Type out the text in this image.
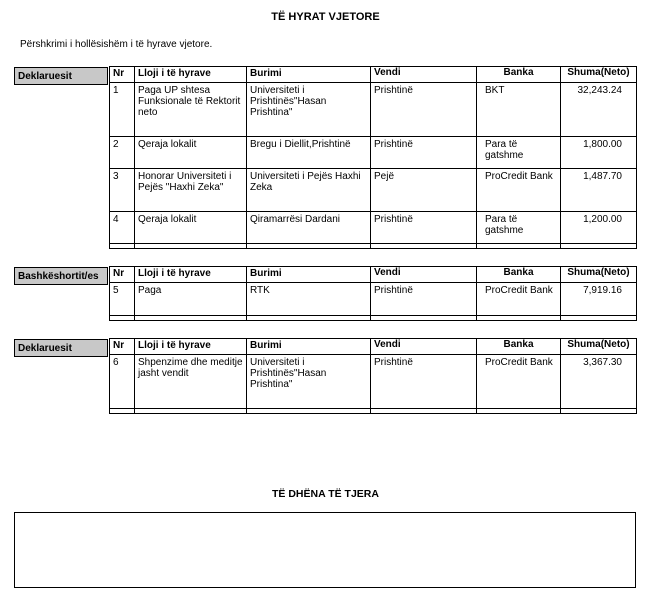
TË HYRAT VJETORE
Përshkrimi i hollësishëm i të hyrave vjetore.
Deklaruesit	Nr	Lloji i të hyrave	Burimi	Vendi	Banka	Shuma(Neto)
1	Paga UP shtesa Funksionale të Rektorit neto	Universiteti i Prishtinës"Hasan Prishtina"	Prishtinë	BKT	32,243.24
2	Qeraja lokalit	Bregu i Diellit,Prishtinë	Prishtinë	Para të gatshme	1,800.00
3	Honorar Universiteti i Pejës "Haxhi Zeka"	Universiteti i Pejës Haxhi Zeka	Pejë	ProCredit Bank	1,487.70
4	Qeraja lokalit	Qiramarrësi Dardani	Prishtinë	Para të gatshme	1,200.00

Bashkëshortit/es	Nr	Lloji i të hyrave	Burimi	Vendi	Banka	Shuma(Neto)
5	Paga	RTK	Prishtinë	ProCredit Bank	7,919.16

Deklaruesit	Nr	Lloji i të hyrave	Burimi	Vendi	Banka	Shuma(Neto)
6	Shpenzime dhe meditje jasht vendit	Universiteti i Prishtinës"Hasan Prishtina"	Prishtinë	ProCredit Bank	3,367.30

TË DHËNA TË TJERA
